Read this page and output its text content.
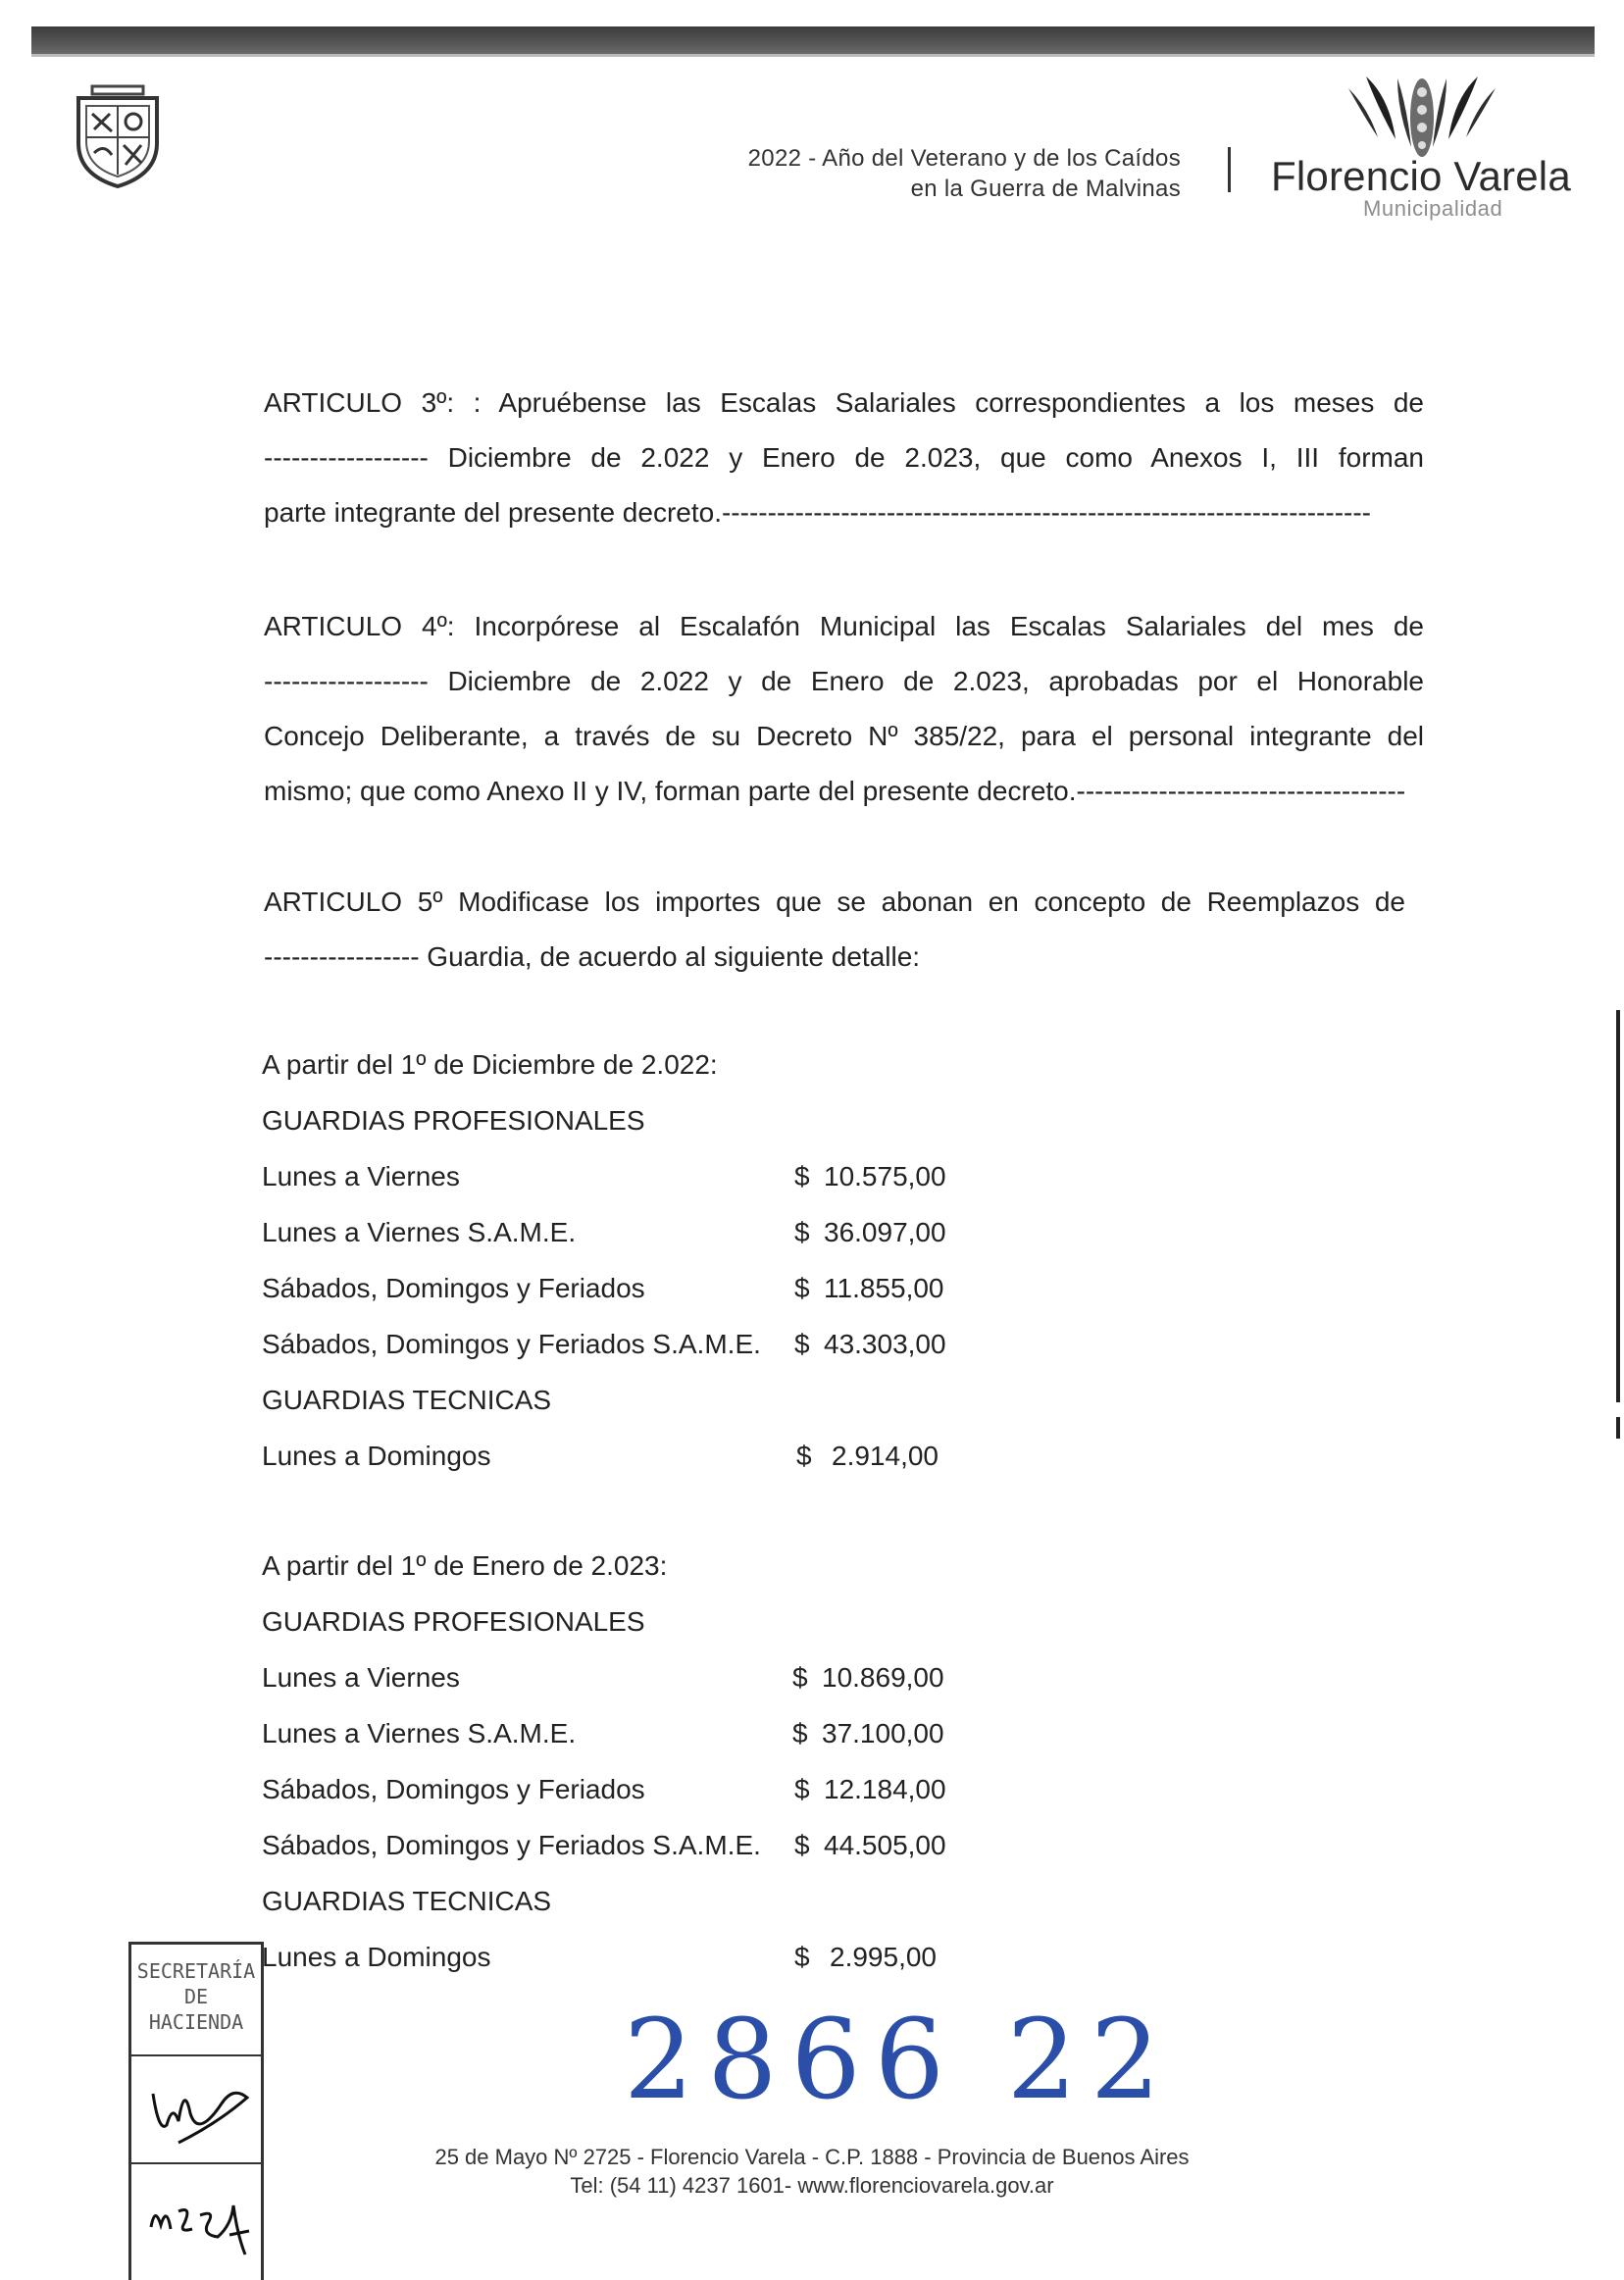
2022 - Año del Veterano y de los Caídos
en la Guerra de Malvinas Florencio Varela
Municipalidad
ARTICULO 3º: : Apruébense las Escalas Salariales correspondientes a los meses de
------------------ Diciembre de 2.022 y Enero de 2.023, que como Anexos I, III forman
parte integrante del presente decreto.-----------------------------------------------------------------------
ARTICULO 4º: Incorpórese al Escalafón Municipal las Escalas Salariales del mes de
------------------ Diciembre de 2.022 y de Enero de 2.023, aprobadas por el Honorable
Concejo Deliberante, a través de su Decreto Nº 385/22, para el personal integrante del
mismo; que como Anexo II y IV, forman parte del presente decreto.------------------------------------
ARTICULO 5º Modificase los importes que se abonan en concepto de Reemplazos de
----------------- Guardia, de acuerdo al siguiente detalle:
A partir del 1º de Diciembre de 2.022:
GUARDIAS PROFESIONALES
Lunes a Viernes	$ 10.575,00
Lunes a Viernes S.A.M.E.	$ 36.097,00
Sábados, Domingos y Feriados	$ 11.855,00
Sábados, Domingos y Feriados S.A.M.E. $ 43.303,00
GUARDIAS TECNICAS
Lunes a Domingos	$ 2.914,00
A partir del 1º de Enero de 2.023:
GUARDIAS PROFESIONALES
Lunes a Viernes	$ 10.869,00
Lunes a Viernes S.A.M.E.	$ 37.100,00
Sábados, Domingos y Feriados	$ 12.184,00
Sábados, Domingos y Feriados S.A.M.E. $ 44.505,00
GUARDIAS TECNICAS
Lunes a Domingos	$ 2.995,00
SECRETARÍA
DE
HACIENDA	2866 22
25 de Mayo Nº 2725 - Florencio Varela - C.P. 1888 - Provincia de Buenos Aires
Tel: (54 11) 4237 1601- www.florenciovarela.gov.ar
